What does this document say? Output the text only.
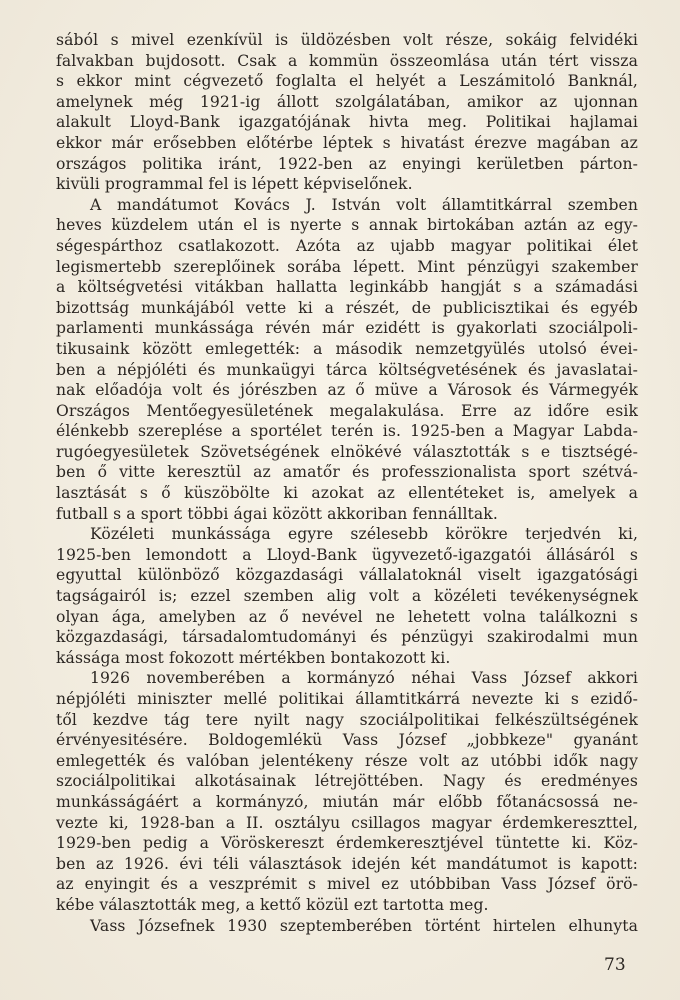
sából s mivel ezenkívül is üldözésben volt része, sokáig felvidéki
falvakban bujdosott. Csak a kommün összeomlása után tért vissza
s ekkor mint cégvezető foglalta el helyét a Leszámitoló Banknál,
amelynek még 1921-ig állott szolgálatában, amikor az ujonnan
alakult Lloyd-Bank igazgatójának hivta meg. Politikai hajlamai
ekkor már erősebben előtérbe léptek s hivatást érezve magában az
országos politika iránt, 1922-ben az enyingi kerületben párton-
kivüli programmal fel is lépett képviselőnek.
A mandátumot Kovács J. István volt államtitkárral szemben
heves küzdelem után el is nyerte s annak birtokában aztán az egy-
ségespárthoz csatlakozott. Azóta az ujabb magyar politikai élet
legismertebb szereplőinek sorába lépett. Mint pénzügyi szakember
a költségvetési vitákban hallatta leginkább hangját s a számadási
bizottság munkájából vette ki a részét, de publicisztikai és egyéb
parlamenti munkássága révén már ezidétt is gyakorlati szociálpoli-
tikusaink között emlegették: a második nemzetgyülés utolsó évei-
ben a népjóléti és munkaügyi tárca költségvetésének és javaslatai-
nak előadója volt és jórészben az ő müve a Városok és Vármegyék
Országos Mentőegyesületének megalakulása. Erre az időre esik
élénkebb szereplése a sportélet terén is. 1925-ben a Magyar Labda-
rugóegyesületek Szövetségének elnökévé választották s e tisztségé-
ben ő vitte keresztül az amatőr és professzionalista sport szétvá-
lasztását s ő küszöbölte ki azokat az ellentéteket is, amelyek a
futball s a sport többi ágai között akkoriban fennálltak.
Közéleti munkássága egyre szélesebb körökre terjedvén ki,
1925-ben lemondott a Lloyd-Bank ügyvezető-igazgatói állásáról s
egyuttal különböző közgazdasági vállalatoknál viselt igazgatósági
tagságairól is; ezzel szemben alig volt a közéleti tevékenységnek
olyan ága, amelyben az ő nevével ne lehetett volna találkozni s
közgazdasági, társadalomtudományi és pénzügyi szakirodalmi mun
kássága most fokozott mértékben bontakozott ki.
1926 novemberében a kormányzó néhai Vass József akkori
népjóléti miniszter mellé politikai államtitkárrá nevezte ki s ezidő-
től kezdve tág tere nyilt nagy szociálpolitikai felkészültségének
érvényesitésére. Boldogemlékü Vass József „jobbkeze" gyanánt
emlegették és valóban jelentékeny része volt az utóbbi idők nagy
szociálpolitikai alkotásainak létrejöttében. Nagy és eredményes
munkásságáért a kormányzó, miután már előbb főtanácsossá ne-
vezte ki, 1928-ban a II. osztályu csillagos magyar érdemkereszttel,
1929-ben pedig a Vöröskereszt érdemkeresztjével tüntette ki. Köz-
ben az 1926. évi téli választások idején két mandátumot is kapott:
az enyingit és a veszprémit s mivel ez utóbbiban Vass József örö-
kébe választották meg, a kettő közül ezt tartotta meg.
Vass Józsefnek 1930 szeptemberében történt hirtelen elhunyta
73
